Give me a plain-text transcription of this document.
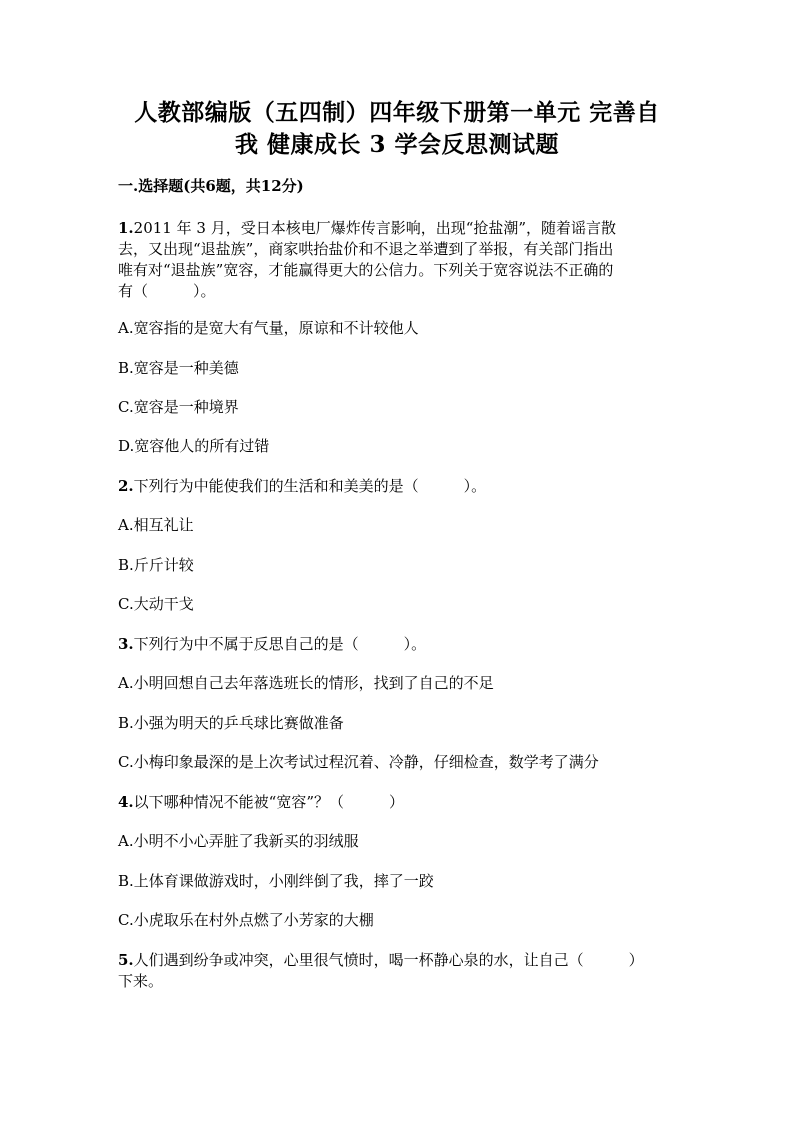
人教部编版（五四制）四年级下册第一单元 完善自
我 健康成长 3 学会反思测试题
一.选择题(共6题，共12分)
1.2011 年 3 月，受日本核电厂爆炸传言影响，出现“抢盐潮”，随着谣言散
去，又出现“退盐族”，商家哄抬盐价和不退之举遭到了举报，有关部门指出
唯有对“退盐族”宽容，才能赢得更大的公信力。下列关于宽容说法不正确的
有（　　　）。
A.宽容指的是宽大有气量，原谅和不计较他人
B.宽容是一种美德
C.宽容是一种境界
D.宽容他人的所有过错
2.下列行为中能使我们的生活和和美美的是（　　　）。
A.相互礼让
B.斤斤计较
C.大动干戈
3.下列行为中不属于反思自己的是（　　　）。
A.小明回想自己去年落选班长的情形，找到了自己的不足
B.小强为明天的乒乓球比赛做准备
C.小梅印象最深的是上次考试过程沉着、冷静，仔细检查，数学考了满分
4.以下哪种情况不能被“宽容”？（　　　）
A.小明不小心弄脏了我新买的羽绒服
B.上体育课做游戏时，小刚绊倒了我，摔了一跤
C.小虎取乐在村外点燃了小芳家的大棚
5.人们遇到纷争或冲突，心里很气愤时，喝一杯静心泉的水，让自己（　　　）
下来。
